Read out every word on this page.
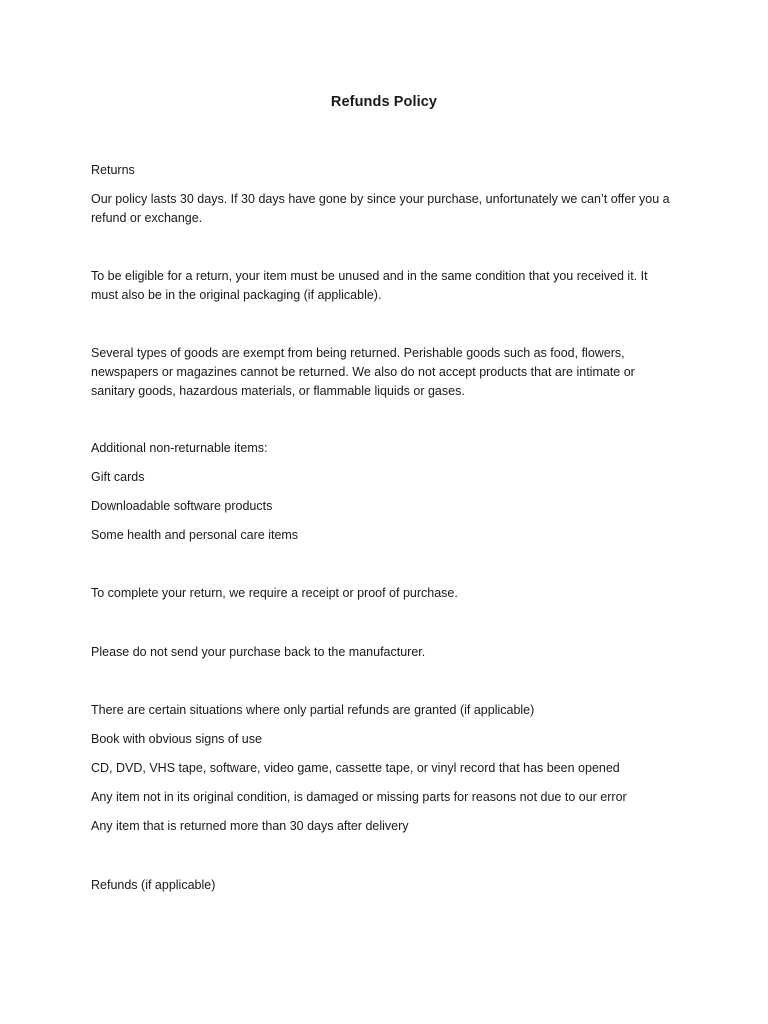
Refunds Policy
Returns
Our policy lasts 30 days. If 30 days have gone by since your purchase, unfortunately we can’t offer you a
refund or exchange.
To be eligible for a return, your item must be unused and in the same condition that you received it. It
must also be in the original packaging (if applicable).
Several types of goods are exempt from being returned. Perishable goods such as food, flowers,
newspapers or magazines cannot be returned. We also do not accept products that are intimate or
sanitary goods, hazardous materials, or flammable liquids or gases.
Additional non-returnable items:
Gift cards
Downloadable software products
Some health and personal care items
To complete your return, we require a receipt or proof of purchase.
Please do not send your purchase back to the manufacturer.
There are certain situations where only partial refunds are granted (if applicable)
Book with obvious signs of use
CD, DVD, VHS tape, software, video game, cassette tape, or vinyl record that has been opened
Any item not in its original condition, is damaged or missing parts for reasons not due to our error
Any item that is returned more than 30 days after delivery
Refunds (if applicable)
